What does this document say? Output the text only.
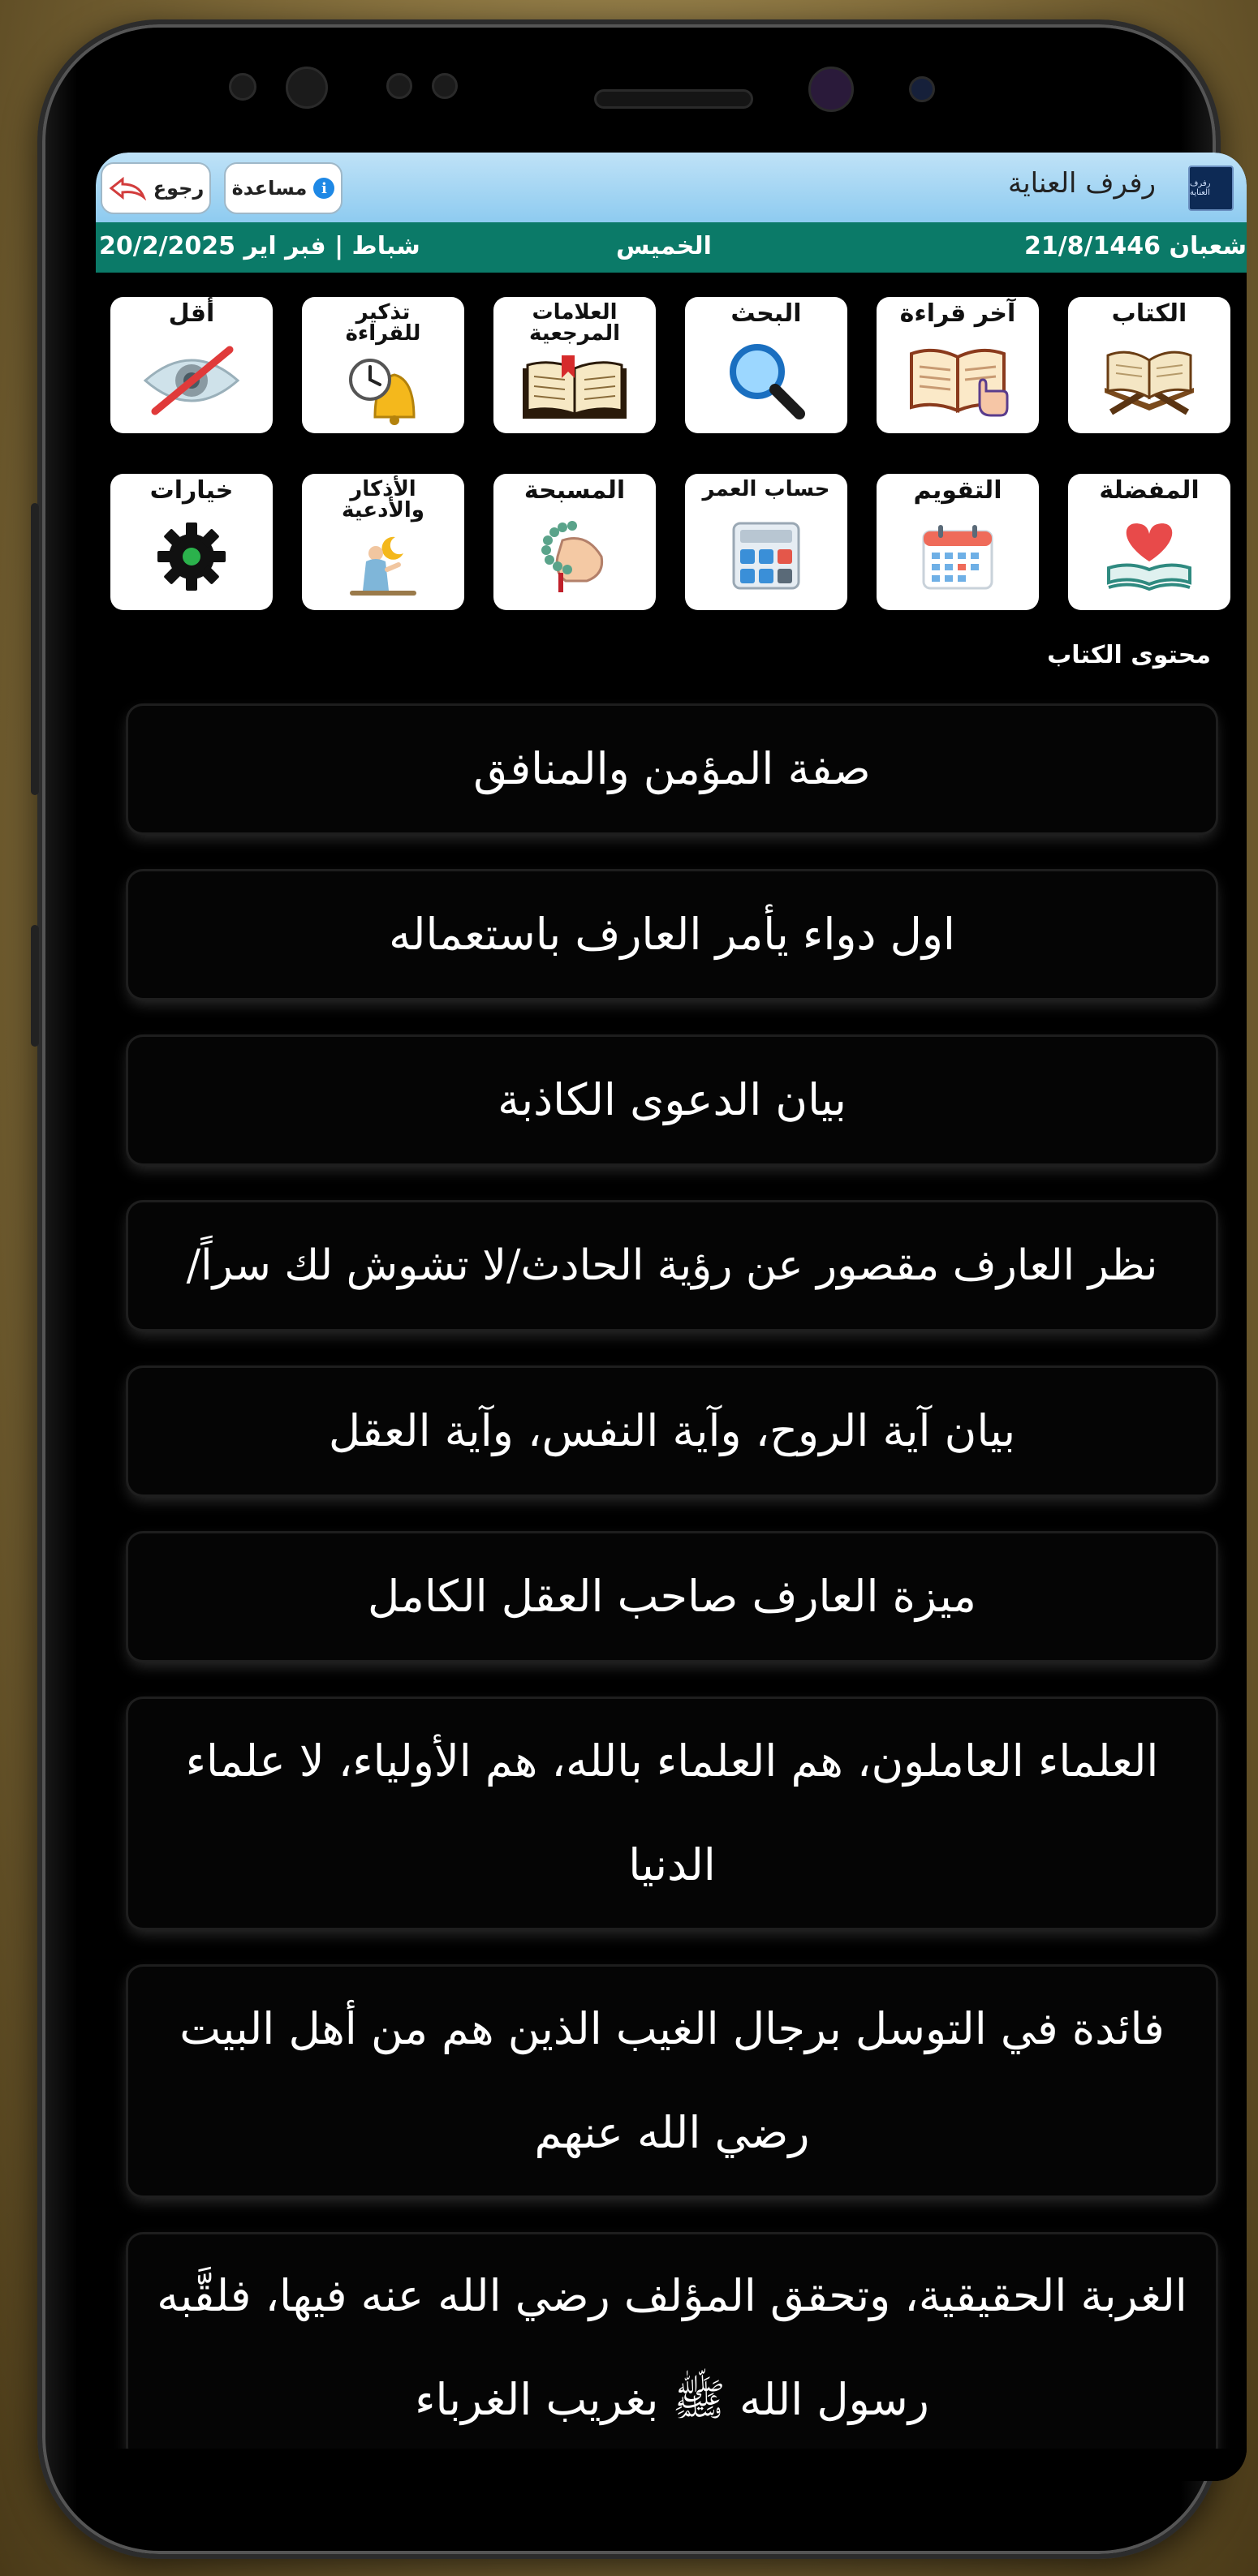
رجوع مساعدة i	رفرف العناية	رفرف العناية
21/8/1446 شعبان
الخميس
20/2/2025 شباط | فبر اير
الكتاب
آخر قراءة
البحث
العلامات
المرجعية
تذكير
للقراءة
أقل
المفضلة
التقويم
حساب العمر
المسبحة
الأذكار
والأدعية
خيارات
محتوى الكتاب
صفة المؤمن والمنافق
اول دواء يأمر العارف باستعماله
بيان الدعوى الكاذبة
نظر العارف مقصور عن رؤية الحادث/لا تشوش لك سراً/
بيان آية الروح، وآية النفس، وآية العقل
ميزة العارف صاحب العقل الكامل
العلماء العاملون، هم العلماء بالله، هم الأولياء، لا علماء الدنيا
فائدة في التوسل برجال الغيب الذين هم من أهل البيت رضي الله عنهم
الغربة الحقيقية، وتحقق المؤلف رضي الله عنه فيها، فلقَّبه رسول الله ﷺ بغريب الغرباء
